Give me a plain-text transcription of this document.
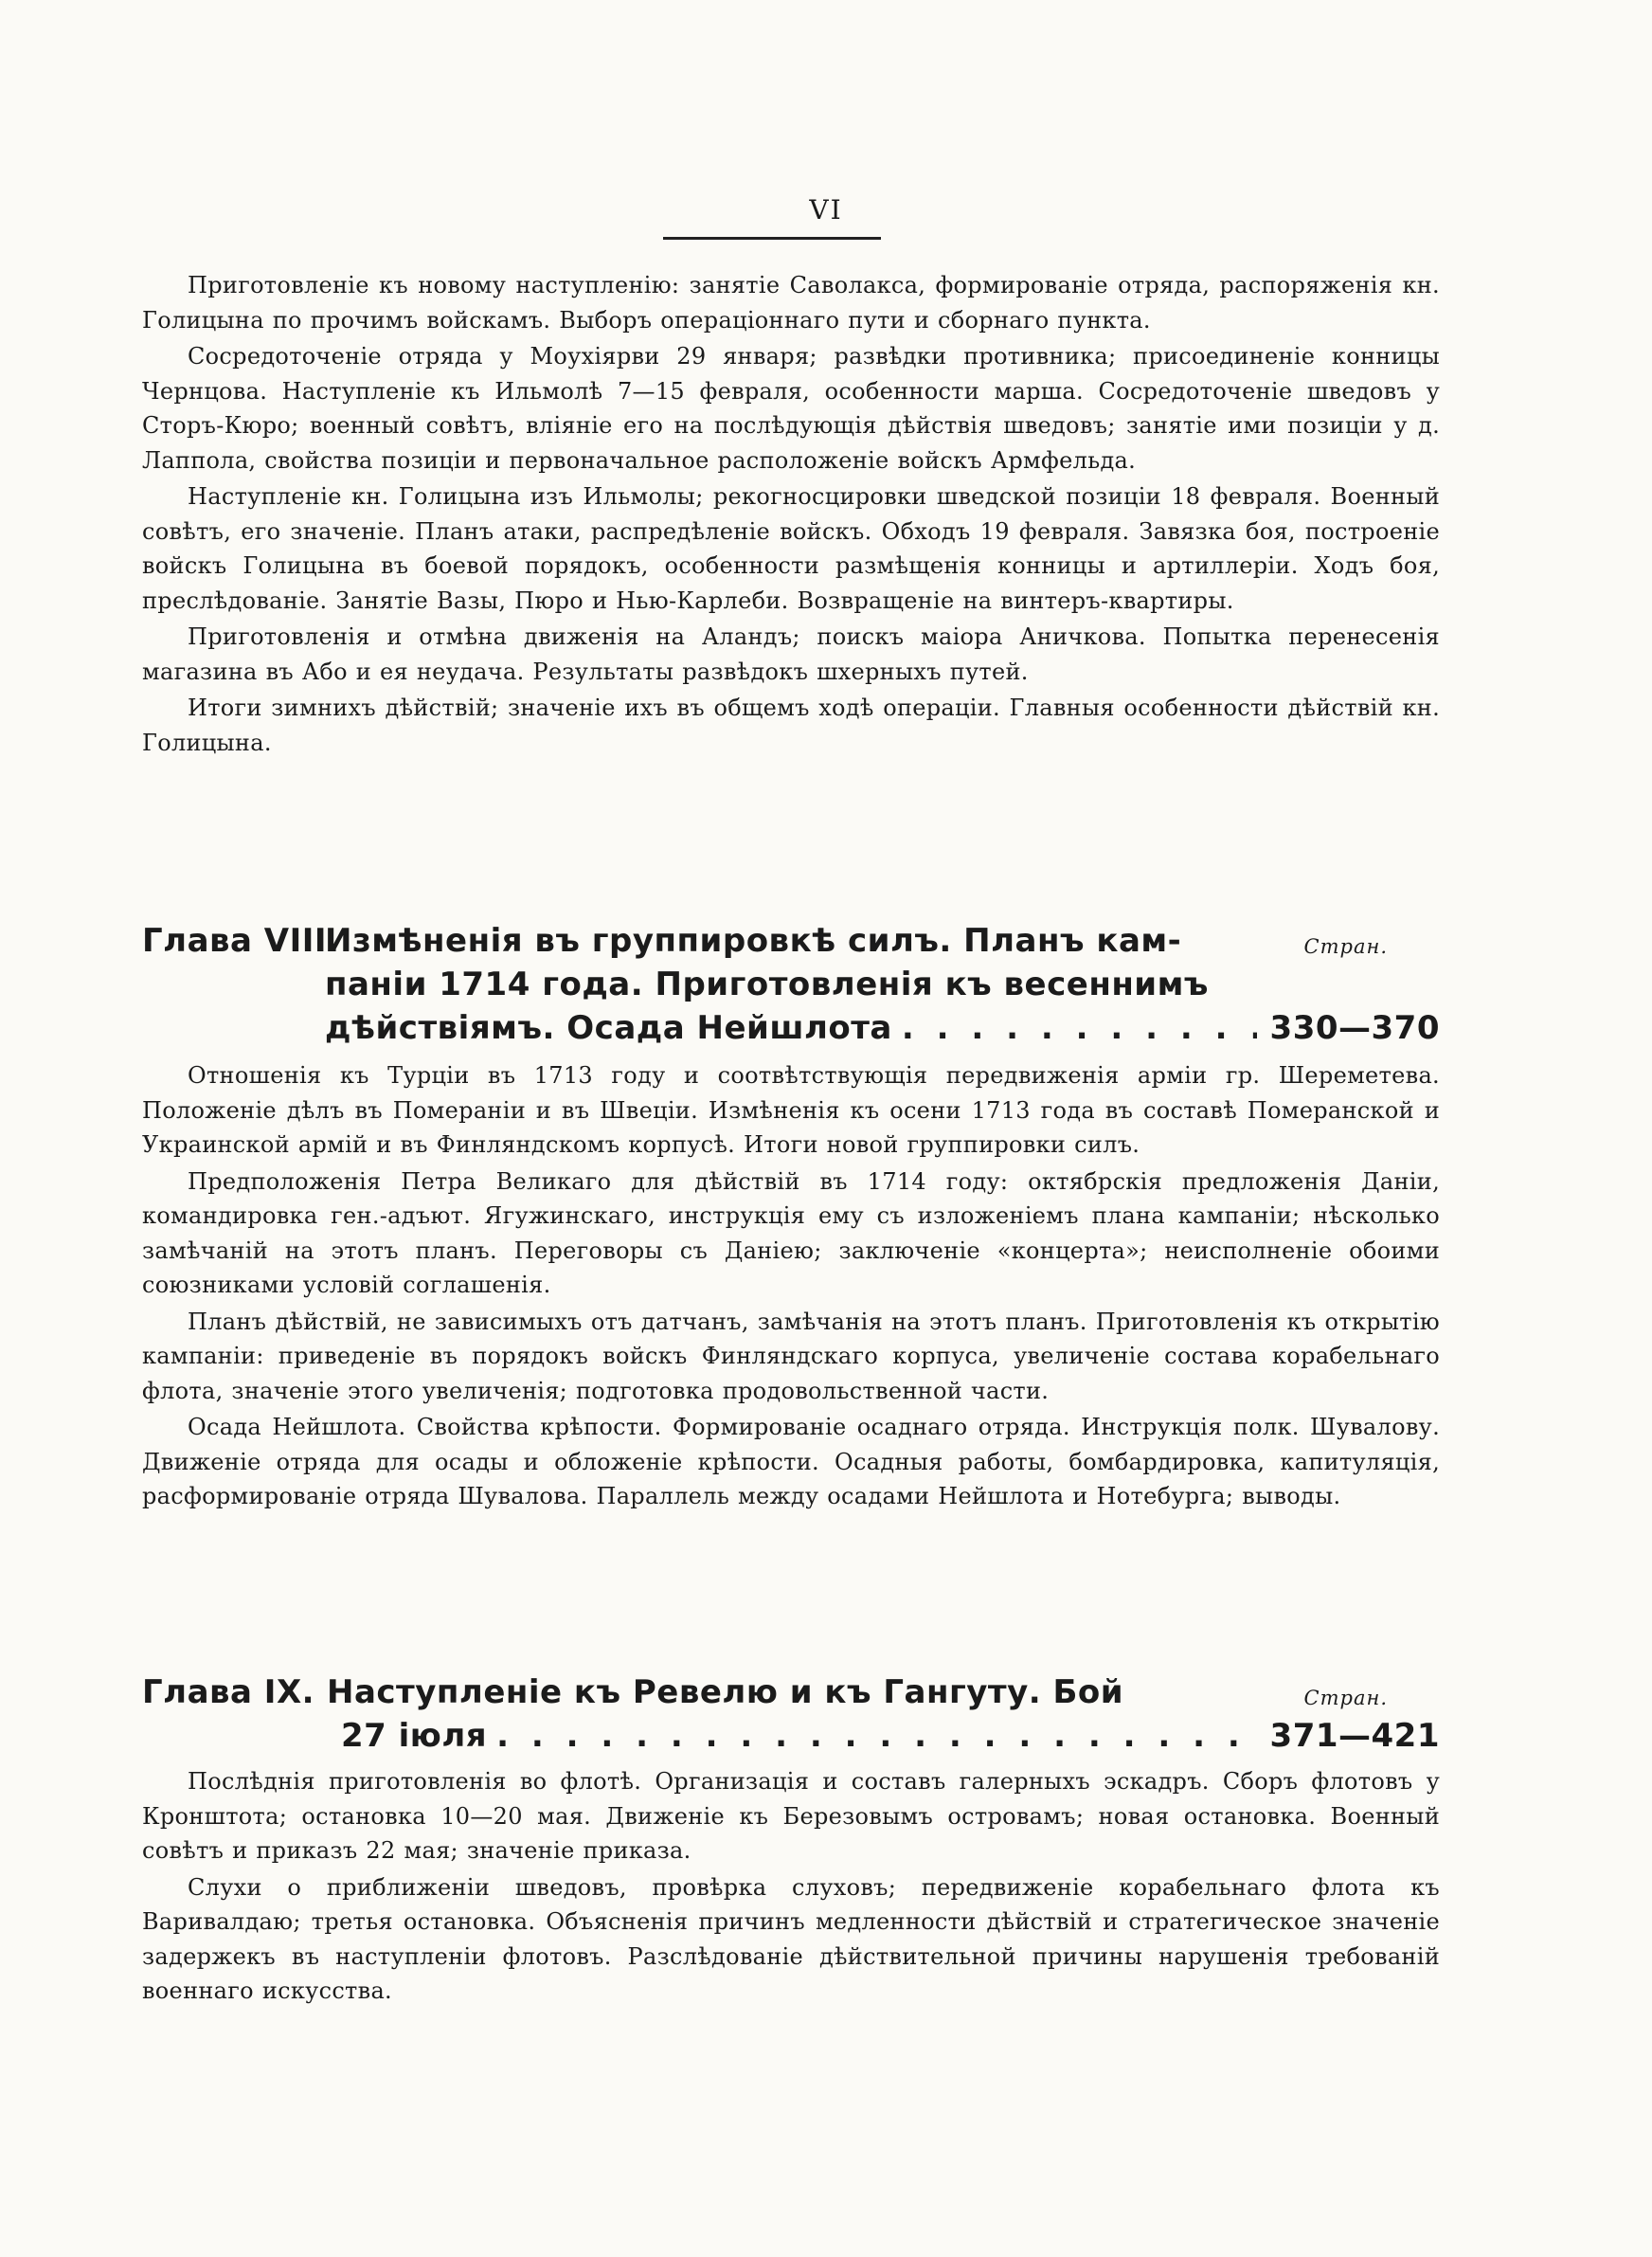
VI

Приготовленіе къ новому наступленію: занятіе Саволакса, формированіе отряда, распоряженія кн. Голицына по прочимъ войскамъ. Выборъ операціоннаго пути и сборнаго пункта.

Сосредоточеніе отряда у Моухіярви 29 января; развѣдки противника; присоединеніе конницы Чернцова. Наступленіе къ Ильмолѣ 7—15 февраля, особенности марша. Сосредоточеніе шведовъ у Сторъ-Кюро; военный совѣтъ, вліяніе его на послѣдующія дѣйствія шведовъ; занятіе ими позиціи у д. Лаппола, свойства позиціи и первоначальное расположеніе войскъ Армфельда.

Наступленіе кн. Голицына изъ Ильмолы; рекогносцировки шведской позиціи 18 февраля. Военный совѣтъ, его значеніе. Планъ атаки, распредѣленіе войскъ. Обходъ 19 февраля. Завязка боя, построеніе войскъ Голицына въ боевой порядокъ, особенности размѣщенія конницы и артиллеріи. Ходъ боя, преслѣдованіе. Занятіе Вазы, Пюро и Нью-Карлеби. Возвращеніе на винтеръ-квартиры.

Приготовленія и отмѣна движенія на Аландъ; поискъ маіора Аничкова. Попытка перенесенія магазина въ Або и ея неудача. Результаты развѣдокъ шхерныхъ путей.

Итоги зимнихъ дѣйствій; значеніе ихъ въ общемъ ходѣ операціи. Главныя особенности дѣйствій кн. Голицына.

Глава VIII.
Измѣненія въ группировкѣ силъ. Планъ кам-	Стран.
паніи 1714 года. Приготовленія къ весеннимъ
дѣйствіямъ. Осада Нейшлота . . .	330—370

Отношенія къ Турціи въ 1713 году и соотвѣтствующія передвиженія арміи гр. Шереметева. Положеніе дѣлъ въ Помераніи и въ Швеціи. Измѣненія къ осени 1713 года въ составѣ Померанской и Украинской армій и въ Финляндскомъ корпусѣ. Итоги новой группировки силъ.

Предположенія Петра Великаго для дѣйствій въ 1714 году: октябрскія предложенія Даніи, командировка ген.-адъют. Ягужинскаго, инструкція ему съ изложеніемъ плана кампаніи; нѣсколько замѣчаній на этотъ планъ. Переговоры съ Даніею; заключеніе «концерта»; неисполненіе обоими союзниками условій соглашенія.

Планъ дѣйствій, не зависимыхъ отъ датчанъ, замѣчанія на этотъ планъ. Приготовленія къ открытію кампаніи: приведеніе въ порядокъ войскъ Финляндскаго корпуса, увеличеніе состава корабельнаго флота, значеніе этого увеличенія; подготовка продовольственной части.

Осада Нейшлота. Свойства крѣпости. Формированіе осаднаго отряда. Инструкція полк. Шувалову. Движеніе отряда для осады и обложеніе крѣпости. Осадныя работы, бомбардировка, капитуляція, расформированіе отряда Шувалова. Параллель между осадами Нейшлота и Нотебурга; выводы.

Глава IX. Наступленіе къ Ревелю и къ Гангуту. Бой	Стран.
27 іюля . . .	371—421

Послѣднія приготовленія во флотѣ. Организація и составъ галерныхъ эскадръ. Сборъ флотовъ у Кронштота; остановка 10—20 мая. Движеніе къ Березовымъ островамъ; новая остановка. Военный совѣтъ и приказъ 22 мая; значеніе приказа.

Слухи о приближеніи шведовъ, провѣрка слуховъ; передвиженіе корабельнаго флота къ Варивалдаю; третья остановка. Объясненія причинъ медленности дѣйствій и стратегическое значеніе задержекъ въ наступленіи флотовъ. Разслѣдованіе дѣйствительной причины нарушенія требованій военнаго искусства.
